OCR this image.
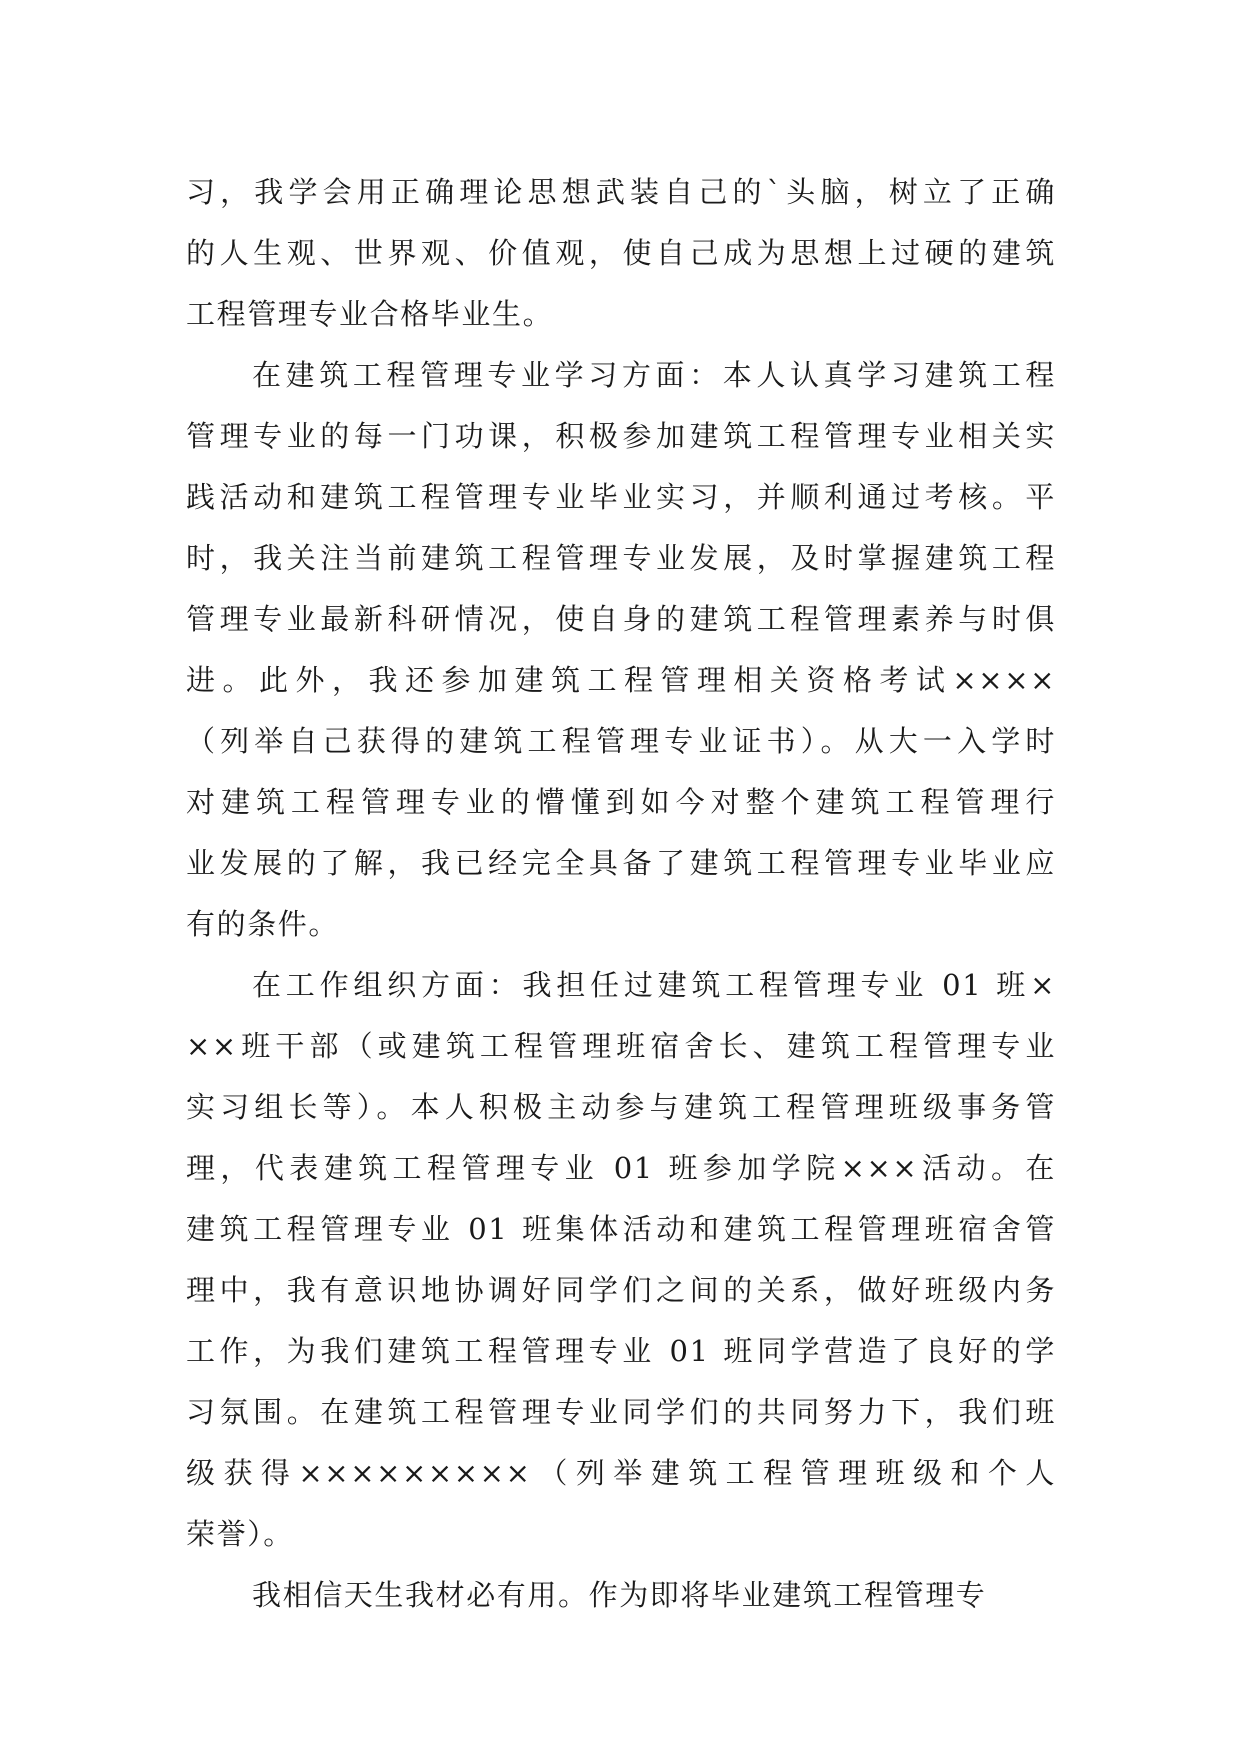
习，我学会用正确理论思想武装自己的`头脑，树立了正确
的人生观、世界观、价值观，使自己成为思想上过硬的建筑
工程管理专业合格毕业生。

在建筑工程管理专业学习方面：本人认真学习建筑工程
管理专业的每一门功课，积极参加建筑工程管理专业相关实
践活动和建筑工程管理专业毕业实习，并顺利通过考核。平
时，我关注当前建筑工程管理专业发展，及时掌握建筑工程
管理专业最新科研情况，使自身的建筑工程管理素养与时俱
进。此外，我还参加建筑工程管理相关资格考试××××
（列举自己获得的建筑工程管理专业证书）。从大一入学时
对建筑工程管理专业的懵懂到如今对整个建筑工程管理行
业发展的了解，我已经完全具备了建筑工程管理专业毕业应
有的条件。

在工作组织方面：我担任过建筑工程管理专业 01 班×
××班干部（或建筑工程管理班宿舍长、建筑工程管理专业
实习组长等）。本人积极主动参与建筑工程管理班级事务管
理，代表建筑工程管理专业 01 班参加学院×××活动。在
建筑工程管理专业 01 班集体活动和建筑工程管理班宿舍管
理中，我有意识地协调好同学们之间的关系，做好班级内务
工作，为我们建筑工程管理专业 01 班同学营造了良好的学
习氛围。在建筑工程管理专业同学们的共同努力下，我们班
级获得×××××××××（列举建筑工程管理班级和个人
荣誉）。

我相信天生我材必有用。作为即将毕业建筑工程管理专
